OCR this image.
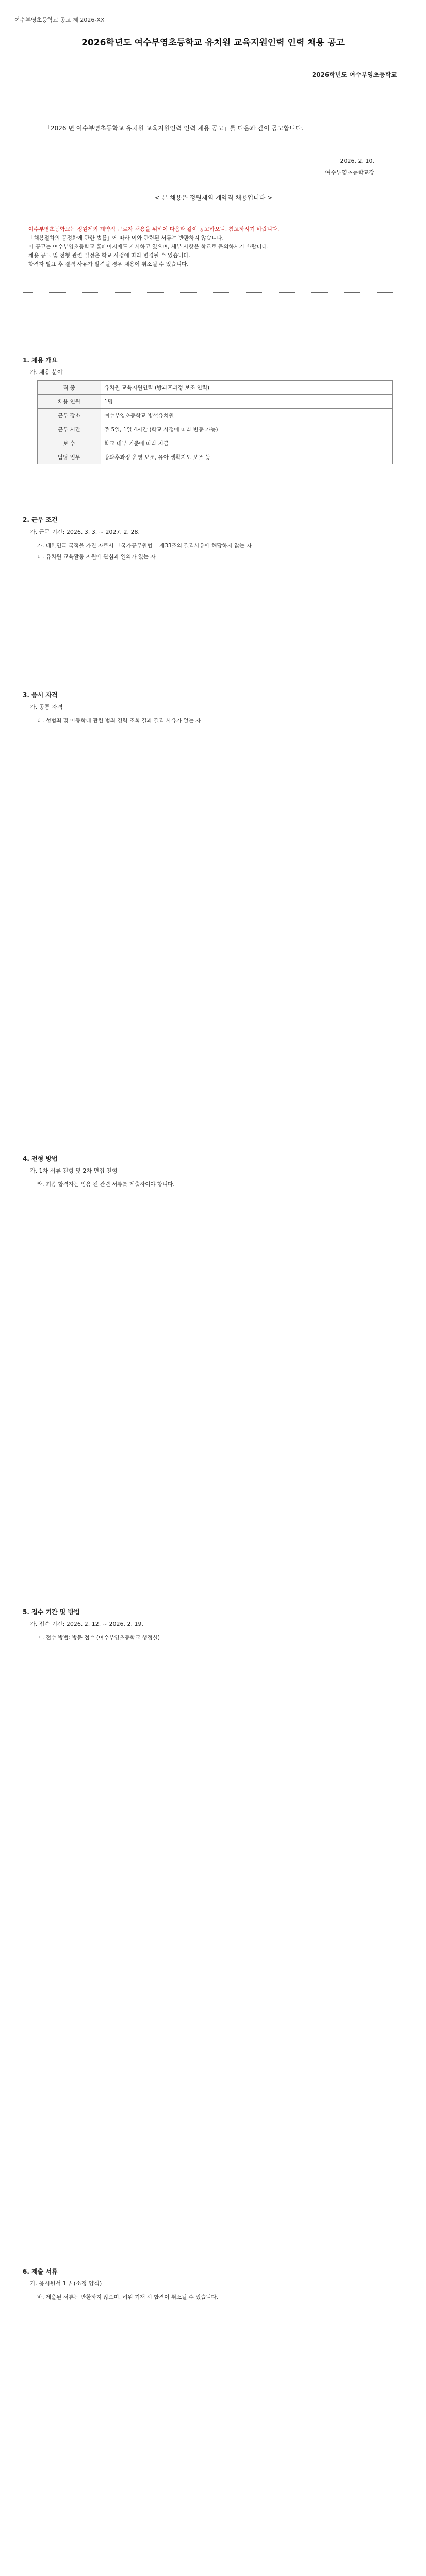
여수부영초등학교 공고 제 2026-XX
2026학년도 여수부영초등학교 유치원 교육지원인력 인력 채용 공고
2026학년도 여수부영초등학교
「2026 년 여수부영초등학교 유치원 교육지원인력 인력 채용 공고」를 다음과 같이 공고합니다.
2026. 2. 10.
여수부영초등학교장
< 본 채용은 정원제외 계약직 채용입니다 >
여수부영초등학교는 정원제외 계약직 근로자 채용을 위하여 다음과 같이 공고하오니, 참고하시기 바랍니다.
「채용절차의 공정화에 관한 법률」에 따라 이와 관련된 서류는 반환하지 않습니다.
이 공고는 여수부영초등학교 홈페이지에도 게시하고 있으며, 세부 사항은 학교로 문의하시기 바랍니다.
채용 공고 및 전형 관련 일정은 학교 사정에 따라 변경될 수 있습니다.
합격자 발표 후 결격 사유가 발견될 경우 채용이 취소될 수 있습니다.
1. 채용 개요
가. 채용 분야
직 종	유치원 교육지원인력 (방과후과정 보조 인력)
채용 인원	1명
근무 장소	여수부영초등학교 병설유치원
근무 시간	주 5일, 1일 4시간 (학교 사정에 따라 변동 가능)
보 수	학교 내부 기준에 따라 지급
담당 업무	방과후과정 운영 보조, 유아 생활지도 보조 등
2. 근무 조건
가. 근무 기간: 2026. 3. 3. ~ 2027. 2. 28.
가. 대한민국 국적을 가진 자로서 「국가공무원법」 제33조의 결격사유에 해당하지 않는 자
나. 유치원 교육활동 지원에 관심과 열의가 있는 자
3. 응시 자격
가. 공통 자격
다. 성범죄 및 아동학대 관련 범죄 경력 조회 결과 결격 사유가 없는 자
4. 전형 방법
가. 1차 서류 전형 및 2차 면접 전형
라. 최종 합격자는 임용 전 관련 서류를 제출하여야 합니다.
5. 접수 기간 및 방법
가. 접수 기간: 2026. 2. 12. ~ 2026. 2. 19.
마. 접수 방법: 방문 접수 (여수부영초등학교 행정실)
6. 제출 서류
가. 응시원서 1부 (소정 양식)
바. 제출된 서류는 반환하지 않으며, 허위 기재 시 합격이 취소될 수 있습니다.
